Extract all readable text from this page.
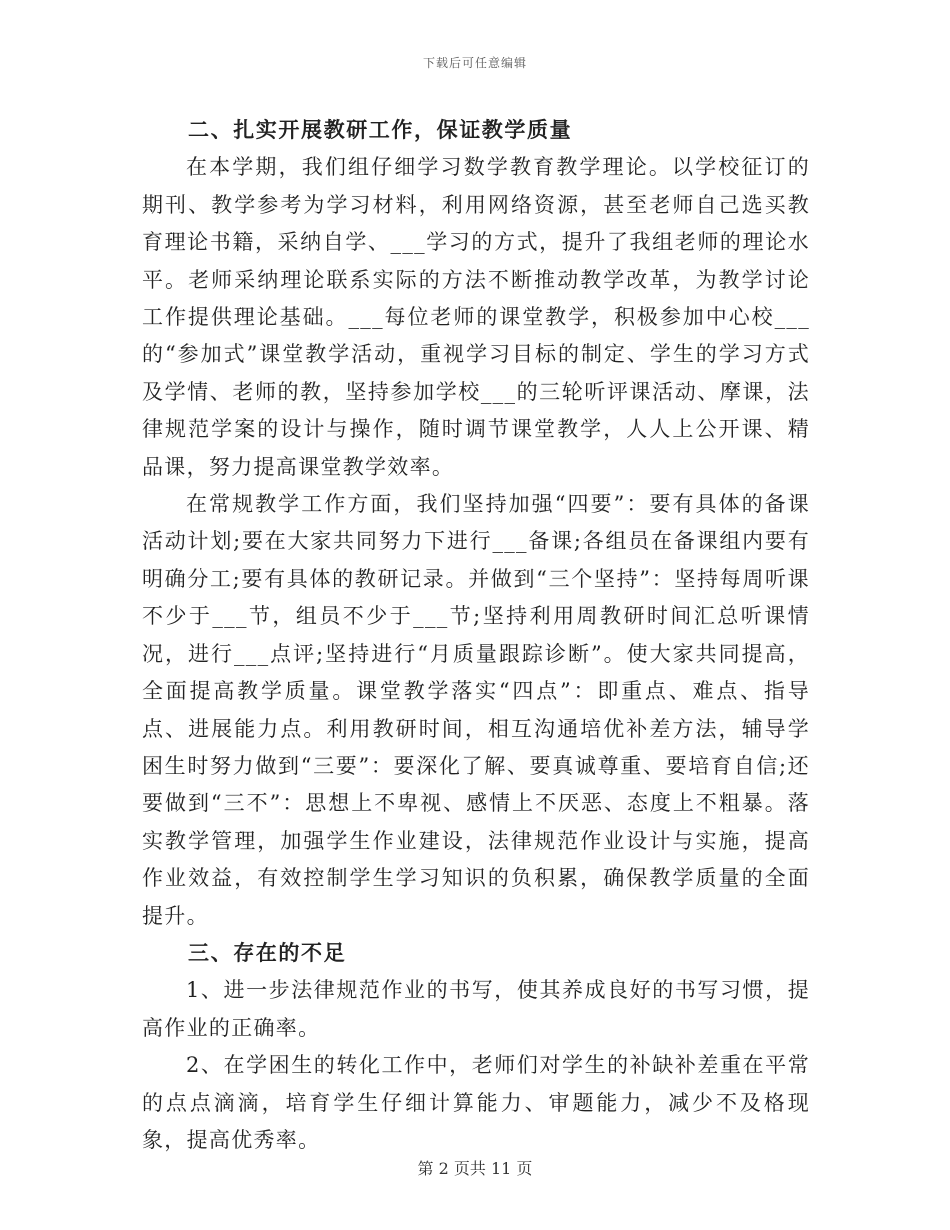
下载后可任意编辑

二、扎实开展教研工作，保证教学质量

在本学期，我们组仔细学习数学教育教学理论。以学校征订的期刊、教学参考为学习材料，利用网络资源，甚至老师自己选买教育理论书籍，采纳自学、___学习的方式，提升了我组老师的理论水平。老师采纳理论联系实际的方法不断推动教学改革，为教学讨论工作提供理论基础。___每位老师的课堂教学，积极参加中心校___的“参加式”课堂教学活动，重视学习目标的制定、学生的学习方式及学情、老师的教，坚持参加学校___的三轮听评课活动、摩课，法律规范学案的设计与操作，随时调节课堂教学，人人上公开课、精品课，努力提高课堂教学效率。

在常规教学工作方面，我们坚持加强“四要”：要有具体的备课活动计划;要在大家共同努力下进行___备课;各组员在备课组内要有明确分工;要有具体的教研记录。并做到“三个坚持”：坚持每周听课不少于___节，组员不少于___节;坚持利用周教研时间汇总听课情况，进行___点评;坚持进行“月质量跟踪诊断”。使大家共同提高，全面提高教学质量。课堂教学落实“四点”：即重点、难点、指导点、进展能力点。利用教研时间，相互沟通培优补差方法，辅导学困生时努力做到“三要”：要深化了解、要真诚尊重、要培育自信;还要做到“三不”：思想上不卑视、感情上不厌恶、态度上不粗暴。落实教学管理，加强学生作业建设，法律规范作业设计与实施，提高作业效益，有效控制学生学习知识的负积累，确保教学质量的全面提升。

三、存在的不足

1、进一步法律规范作业的书写，使其养成良好的书写习惯，提高作业的正确率。

2、在学困生的转化工作中，老师们对学生的补缺补差重在平常的点点滴滴，培育学生仔细计算能力、审题能力，减少不及格现象，提高优秀率。

第 2 页共 11 页
